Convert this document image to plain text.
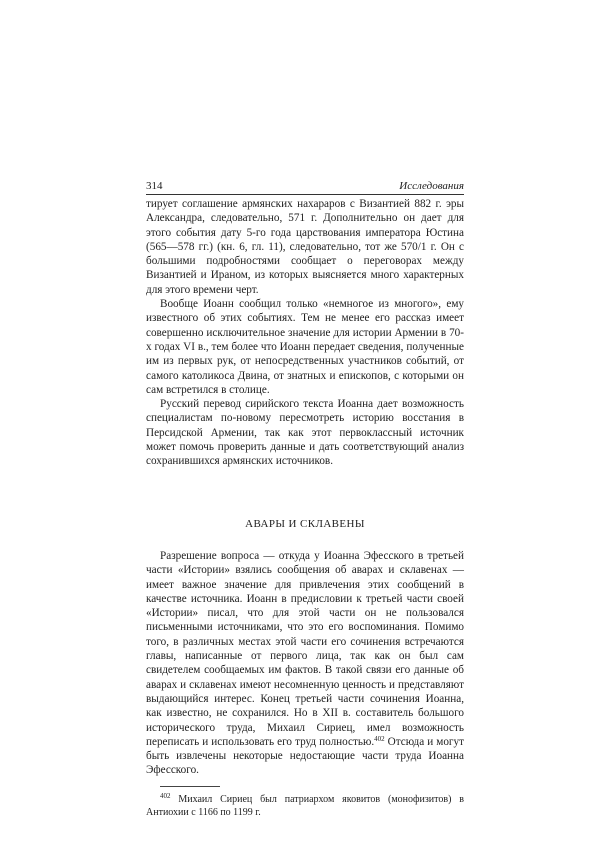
314	Исследования

тирует соглашение армянских нахараров с Византией 882 г. эры Александра, следовательно, 571 г. Дополнительно он дает для этого события дату 5-го года царствования императора Юстина (565—578 гг.) (кн. 6, гл. 11), следовательно, тот же 570/1 г. Он с большими подробностями сообщает о переговорах между Византией и Ираном, из которых выясняется много характерных для этого времени черт.

Вообще Иоанн сообщил только «немногое из многого», ему известного об этих событиях. Тем не менее его рассказ имеет совершенно исключительное значение для истории Армении в 70-х годах VI в., тем более что Иоанн передает сведения, полученные им из первых рук, от непосредственных участников событий, от самого католикоса Двина, от знатных и епископов, с которыми он сам встретился в столице.

Русский перевод сирийского текста Иоанна дает возможность специалистам по-новому пересмотреть историю восстания в Персидской Армении, так как этот первоклассный источник может помочь проверить данные и дать соответствующий анализ сохранившихся армянских источников.

АВАРЫ И СКЛАВЕНЫ

Разрешение вопроса — откуда у Иоанна Эфесского в третьей части «Истории» взялись сообщения об аварах и склавенах — имеет важное значение для привлечения этих сообщений в качестве источника. Иоанн в предисловии к третьей части своей «Истории» писал, что для этой части он не пользовался письменными источниками, что это его воспоминания. Помимо того, в различных местах этой части его сочинения встречаются главы, написанные от первого лица, так как он был сам свидетелем сообщаемых им фактов. В такой связи его данные об аварах и склавенах имеют несомненную ценность и представляют выдающийся интерес. Конец третьей части сочинения Иоанна, как известно, не сохранился. Но в XII в. составитель большого исторического труда, Михаил Сириец, имел возможность переписать и использовать его труд полностью.$^{402}$ Отсюда и могут быть извлечены некоторые недостающие части труда Иоанна Эфесского.

$^{402}$ Михаил Сириец был патриархом яковитов (монофизитов) в Антиохии с 1166 по 1199 г.
